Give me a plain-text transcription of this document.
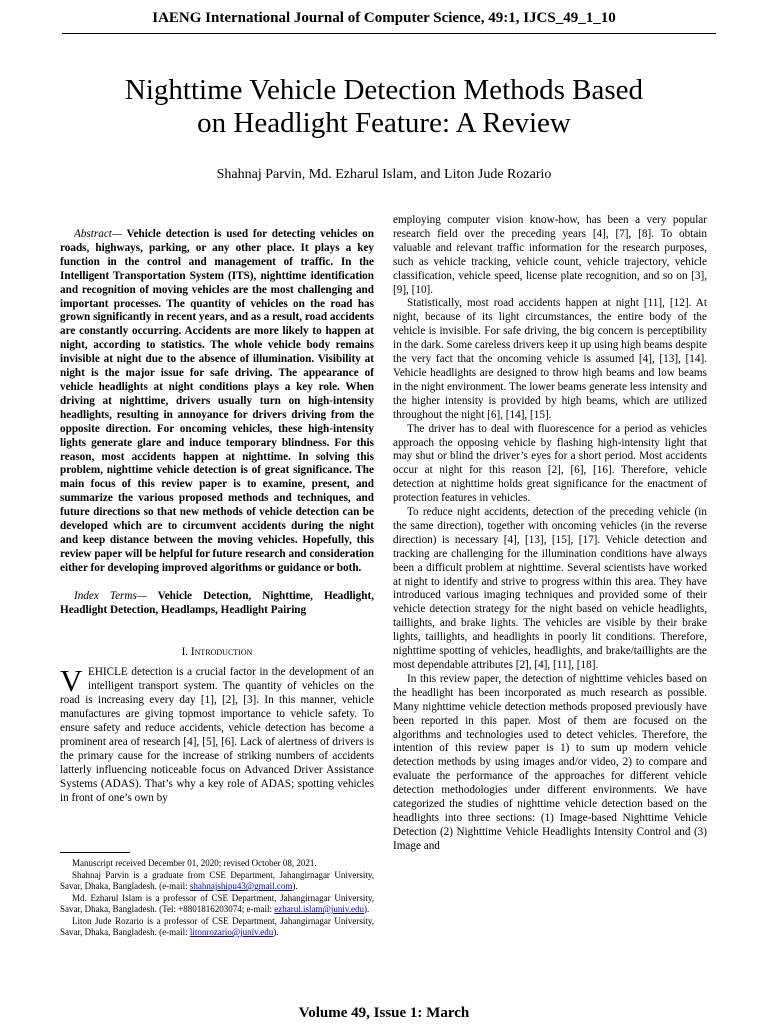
IAENG International Journal of Computer Science, 49:1, IJCS_49_1_10
Nighttime Vehicle Detection Methods Based
on Headlight Feature: A Review
Shahnaj Parvin, Md. Ezharul Islam, and Liton Jude Rozario

Abstract— Vehicle detection is used for detecting vehicles on roads, highways, parking, or any other place. It plays a key function in the control and management of traffic. In the Intelligent Transportation System (ITS), nighttime identification and recognition of moving vehicles are the most challenging and important processes. The quantity of vehicles on the road has grown significantly in recent years, and as a result, road accidents are constantly occurring. Accidents are more likely to happen at night, according to statistics. The whole vehicle body remains invisible at night due to the absence of illumination. Visibility at night is the major issue for safe driving. The appearance of vehicle headlights at night conditions plays a key role. When driving at nighttime, drivers usually turn on high-intensity headlights, resulting in annoyance for drivers driving from the opposite direction. For oncoming vehicles, these high-intensity lights generate glare and induce temporary blindness. For this reason, most accidents happen at nighttime. In solving this problem, nighttime vehicle detection is of great significance. The main focus of this review paper is to examine, present, and summarize the various proposed methods and techniques, and future directions so that new methods of vehicle detection can be developed which are to circumvent accidents during the night and keep distance between the moving vehicles. Hopefully, this review paper will be helpful for future research and consideration either for developing improved algorithms or guidance or both.

Index Terms— Vehicle Detection, Nighttime, Headlight, Headlight Detection, Headlamps, Headlight Pairing

I. Introduction

VEHICLE detection is a crucial factor in the development of an intelligent transport system. The quantity of vehicles on the road is increasing every day [1], [2], [3]. In this manner, vehicle manufactures are giving topmost importance to vehicle safety. To ensure safety and reduce accidents, vehicle detection has become a prominent area of research [4], [5], [6]. Lack of alertness of drivers is the primary cause for the increase of striking numbers of accidents latterly influencing noticeable focus on Advanced Driver Assistance Systems (ADAS). That’s why a key role of ADAS; spotting vehicles in front of one’s own by

Manuscript received December 01, 2020; revised October 08, 2021.

Shahnaj Parvin is a graduate from CSE Department, Jahangirnagar University, Savar, Dhaka, Bangladesh. (e-mail: shahnajshipu43@gmail.com).

Md. Ezharul Islam is a professor of CSE Department, Jahangirnagar University, Savar, Dhaka, Bangladesh. (Tel: +8801816203074; e-mail: ezharul.islam@juniv.edu).

Liton Jude Rozario is a professor of CSE Department, Jahangirnagar University, Savar, Dhaka, Bangladesh. (e-mail: litonrozario@juniv.edu).

employing computer vision know-how, has been a very popular research field over the preceding years [4], [7], [8]. To obtain valuable and relevant traffic information for the research purposes, such as vehicle tracking, vehicle count, vehicle trajectory, vehicle classification, vehicle speed, license plate recognition, and so on [3], [9], [10].

Statistically, most road accidents happen at night [11], [12]. At night, because of its light circumstances, the entire body of the vehicle is invisible. For safe driving, the big concern is perceptibility in the dark. Some careless drivers keep it up using high beams despite the very fact that the oncoming vehicle is assumed [4], [13], [14]. Vehicle headlights are designed to throw high beams and low beams in the night environment. The lower beams generate less intensity and the higher intensity is provided by high beams, which are utilized throughout the night [6], [14], [15].

The driver has to deal with fluorescence for a period as vehicles approach the opposing vehicle by flashing high-intensity light that may shut or blind the driver’s eyes for a short period. Most accidents occur at night for this reason [2], [6], [16]. Therefore, vehicle detection at nighttime holds great significance for the enactment of protection features in vehicles.

To reduce night accidents, detection of the preceding vehicle (in the same direction), together with oncoming vehicles (in the reverse direction) is necessary [4], [13], [15], [17]. Vehicle detection and tracking are challenging for the illumination conditions have always been a difficult problem at nighttime. Several scientists have worked at night to identify and strive to progress within this area. They have introduced various imaging techniques and provided some of their vehicle detection strategy for the night based on vehicle headlights, taillights, and brake lights. The vehicles are visible by their brake lights, taillights, and headlights in poorly lit conditions. Therefore, nighttime spotting of vehicles, headlights, and brake/taillights are the most dependable attributes [2], [4], [11], [18].

In this review paper, the detection of nighttime vehicles based on the headlight has been incorporated as much research as possible. Many nighttime vehicle detection methods proposed previously have been reported in this paper. Most of them are focused on the algorithms and technologies used to detect vehicles. Therefore, the intention of this review paper is 1) to sum up modern vehicle detection methods by using images and/or video, 2) to compare and evaluate the performance of the approaches for different vehicle detection methodologies under different environments. We have categorized the studies of nighttime vehicle detection based on the headlights into three sections: (1) Image-based Nighttime Vehicle Detection (2) Nighttime Vehicle Headlights Intensity Control and (3) Image and

Volume 49, Issue 1: March
